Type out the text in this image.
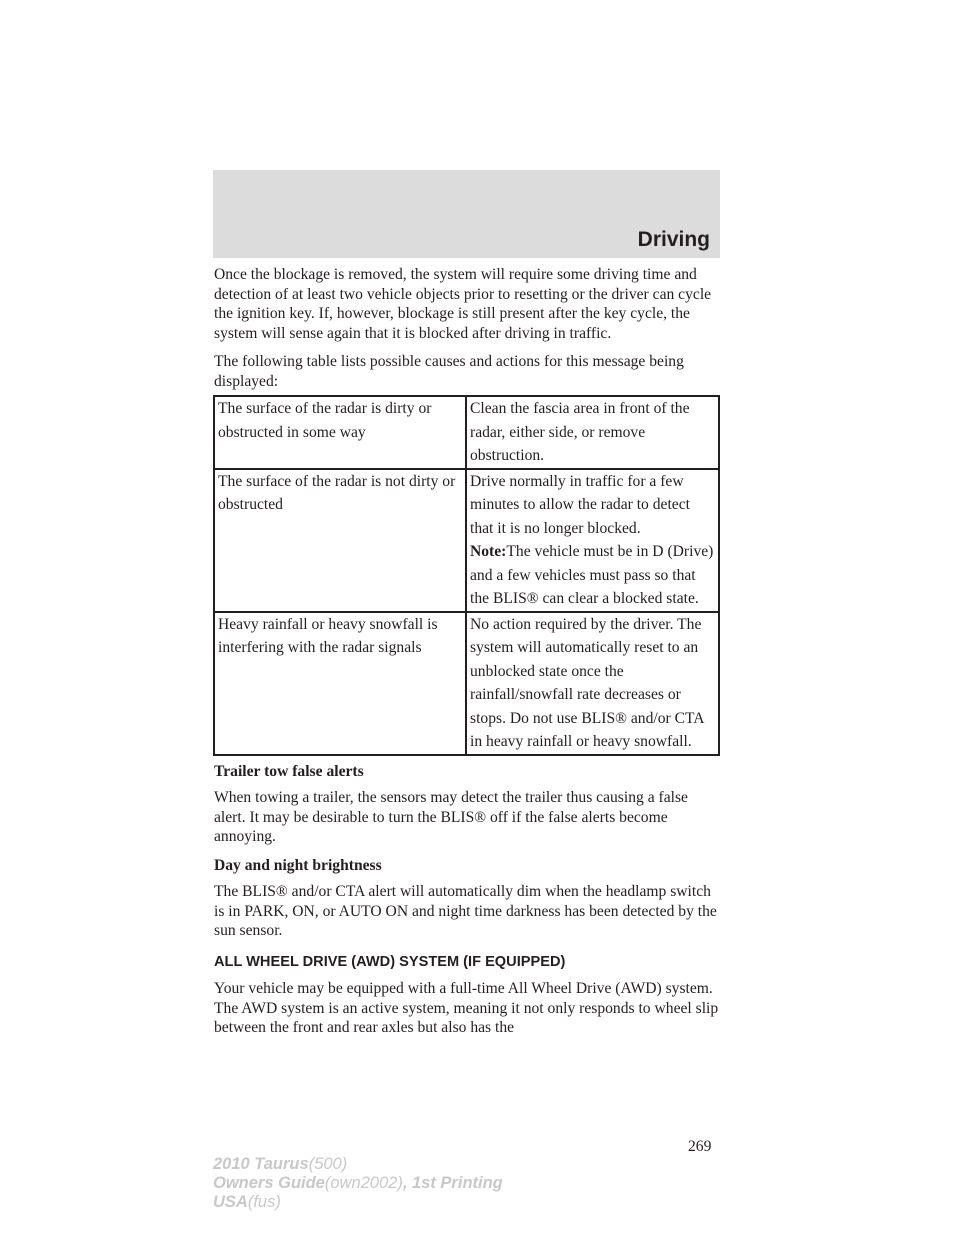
Driving

Once the blockage is removed, the system will require some driving time and detection of at least two vehicle objects prior to resetting or the driver can cycle the ignition key. If, however, blockage is still present after the key cycle, the system will sense again that it is blocked after driving in traffic.

The following table lists possible causes and actions for this message being displayed:

The surface of the radar is dirty or obstructed in some way	Clean the fascia area in front of the radar, either side, or remove obstruction.
The surface of the radar is not dirty or obstructed	Drive normally in traffic for a few minutes to allow the radar to detect that it is no longer blocked.
Note:The vehicle must be in D (Drive) and a few vehicles must pass so that the BLIS® can clear a blocked state.
Heavy rainfall or heavy snowfall is interfering with the radar signals	No action required by the driver. The system will automatically reset to an unblocked state once the rainfall/snowfall rate decreases or stops. Do not use BLIS® and/or CTA in heavy rainfall or heavy snowfall.
Trailer tow false alerts

When towing a trailer, the sensors may detect the trailer thus causing a false alert. It may be desirable to turn the BLIS® off if the false alerts become annoying.

Day and night brightness

The BLIS® and/or CTA alert will automatically dim when the headlamp switch is in PARK, ON, or AUTO ON and night time darkness has been detected by the sun sensor.

ALL WHEEL DRIVE (AWD) SYSTEM (IF EQUIPPED)

Your vehicle may be equipped with a full-time All Wheel Drive (AWD) system. The AWD system is an active system, meaning it not only responds to wheel slip between the front and rear axles but also has the

269
2010 Taurus(500)
Owners Guide(own2002), 1st Printing
USA(fus)
